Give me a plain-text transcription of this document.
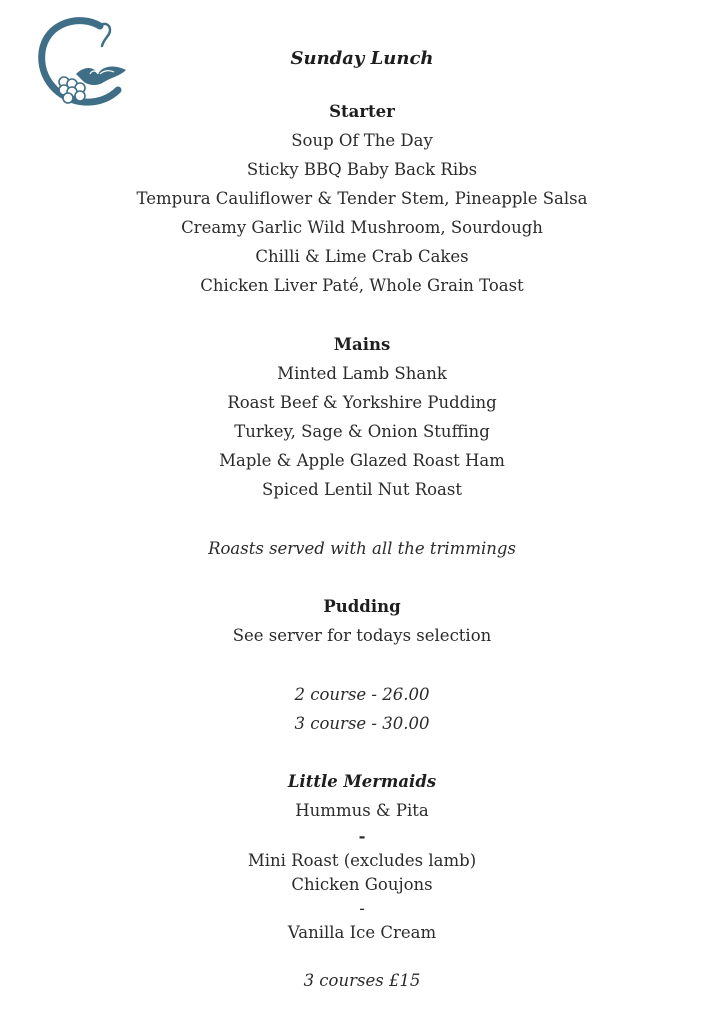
Sunday Lunch
Starter
Soup Of The Day
Sticky BBQ Baby Back Ribs
Tempura Cauliflower & Tender Stem, Pineapple Salsa
Creamy Garlic Wild Mushroom, Sourdough
Chilli & Lime Crab Cakes
Chicken Liver Paté, Whole Grain Toast
Mains
Minted Lamb Shank
Roast Beef & Yorkshire Pudding
Turkey, Sage & Onion Stuffing
Maple & Apple Glazed Roast Ham
Spiced Lentil Nut Roast
Roasts served with all the trimmings
Pudding
See server for todays selection
2 course - 26.00
3 course - 30.00
Little Mermaids
Hummus & Pita
-
Mini Roast (excludes lamb)
Chicken Goujons
-
Vanilla Ice Cream
3 courses £15
